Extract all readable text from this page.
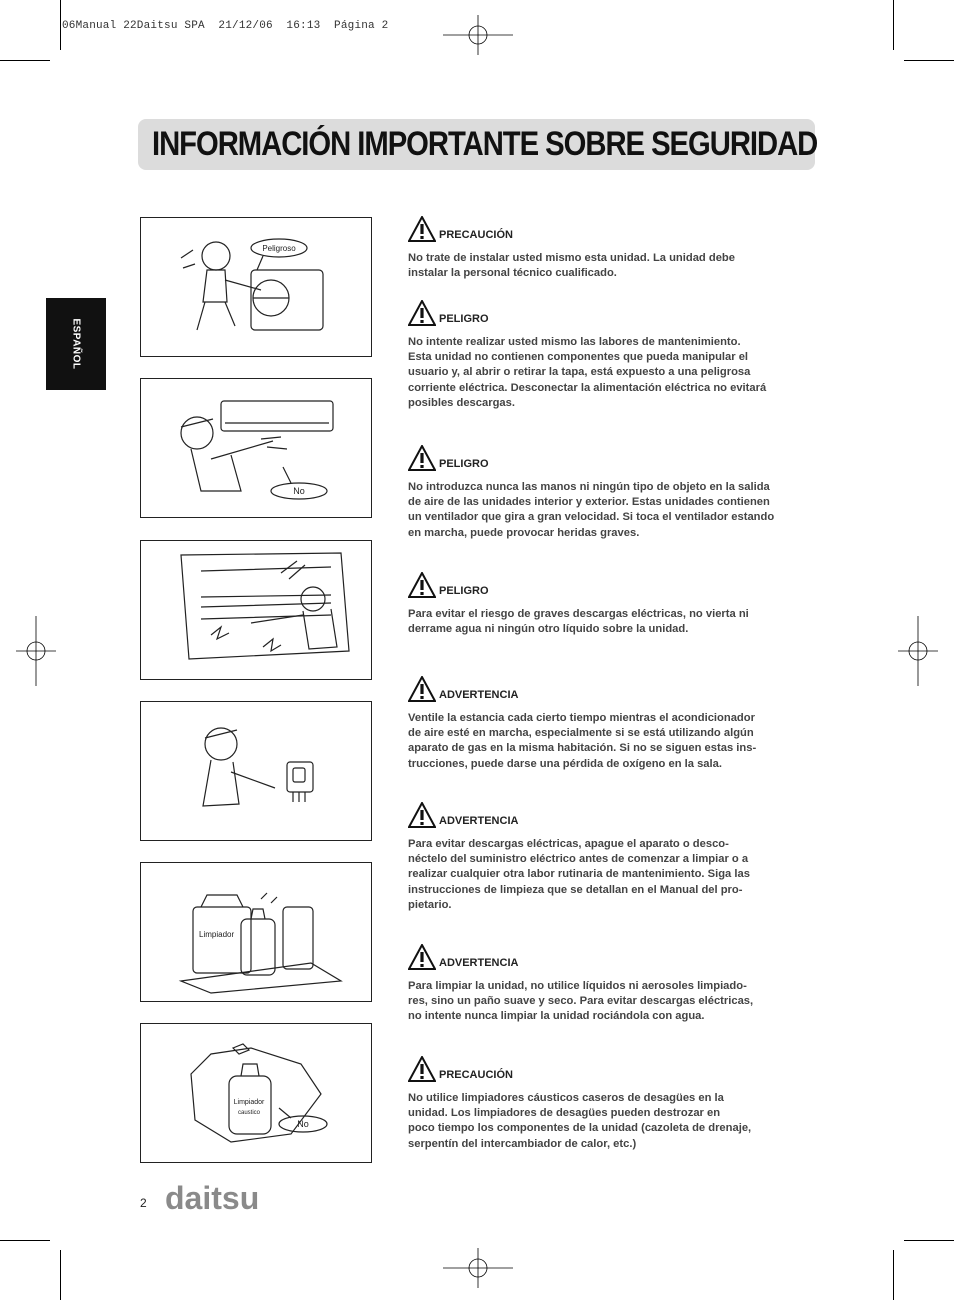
06Manual 22Daitsu SPA  21/12/06  16:13  Página 2
INFORMACIÓN IMPORTANTE SOBRE SEGURIDAD
ESPAÑOL
Peligroso
No
Limpiador
Limpiador
caustico
No
PRECAUCIÓN
No trate de instalar usted mismo esta unidad. La unidad debe
instalar la personal técnico cualificado.
PELIGRO
No intente realizar usted mismo las labores de mantenimiento.
Esta unidad no contienen componentes que pueda manipular el
usuario y, al abrir o retirar la tapa, está expuesto a una peligrosa
corriente eléctrica. Desconectar la alimentación eléctrica no evitará
posibles descargas.
PELIGRO
No introduzca nunca las manos ni ningún tipo de objeto en la salida
de aire de las unidades interior y exterior. Estas unidades contienen
un ventilador que gira a gran velocidad. Si toca el ventilador estando
en marcha, puede provocar heridas graves.
PELIGRO
Para evitar el riesgo de graves descargas eléctricas, no vierta ni
derrame agua ni ningún otro líquido sobre la unidad.
ADVERTENCIA
Ventile la estancia cada cierto tiempo mientras el acondicionador
de aire esté en marcha, especialmente si se está utilizando algún
aparato de gas en la misma habitación. Si no se siguen estas ins-
trucciones, puede darse una pérdida de oxígeno en la sala.
ADVERTENCIA
Para evitar descargas eléctricas, apague el aparato o desco-
néctelo del suministro eléctrico antes de comenzar a limpiar o a
realizar cualquier otra labor rutinaria de mantenimiento. Siga las
instrucciones de limpieza que se detallan en el Manual del pro-
pietario.
ADVERTENCIA
Para limpiar la unidad, no utilice líquidos ni aerosoles limpiado-
res, sino un paño suave y seco. Para evitar descargas eléctricas,
no intente nunca limpiar la unidad rociándola con agua.
PRECAUCIÓN
No utilice limpiadores cáusticos caseros de desagües en la
unidad. Los limpiadores de desagües pueden destrozar en
poco tiempo los componentes de la unidad (cazoleta de drenaje,
serpentín del intercambiador de calor, etc.)
2 daitsu
